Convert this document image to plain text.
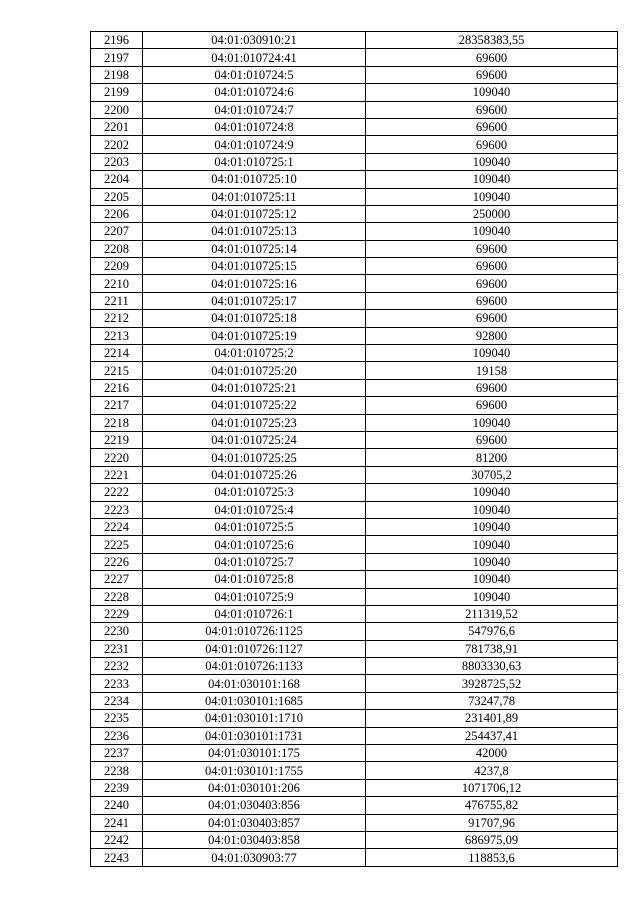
2196	04:01:030910:21	28358383,55
2197	04:01:010724:41	69600
2198	04:01:010724:5	69600
2199	04:01:010724:6	109040
2200	04:01:010724:7	69600
2201	04:01:010724:8	69600
2202	04:01:010724:9	69600
2203	04:01:010725:1	109040
2204	04:01:010725:10	109040
2205	04:01:010725:11	109040
2206	04:01:010725:12	250000
2207	04:01:010725:13	109040
2208	04:01:010725:14	69600
2209	04:01:010725:15	69600
2210	04:01:010725:16	69600
2211	04:01:010725:17	69600
2212	04:01:010725:18	69600
2213	04:01:010725:19	92800
2214	04:01:010725:2	109040
2215	04:01:010725:20	19158
2216	04:01:010725:21	69600
2217	04:01:010725:22	69600
2218	04:01:010725:23	109040
2219	04:01:010725:24	69600
2220	04:01:010725:25	81200
2221	04:01:010725:26	30705,2
2222	04:01:010725:3	109040
2223	04:01:010725:4	109040
2224	04:01:010725:5	109040
2225	04:01:010725:6	109040
2226	04:01:010725:7	109040
2227	04:01:010725:8	109040
2228	04:01:010725:9	109040
2229	04:01:010726:1	211319,52
2230	04:01:010726:1125	547976,6
2231	04:01:010726:1127	781738,91
2232	04:01:010726:1133	8803330,63
2233	04:01:030101:168	3928725,52
2234	04:01:030101:1685	73247,78
2235	04:01:030101:1710	231401,89
2236	04:01:030101:1731	254437,41
2237	04:01:030101:175	42000
2238	04:01:030101:1755	4237,8
2239	04:01:030101:206	1071706,12
2240	04:01:030403:856	476755,82
2241	04:01:030403:857	91707,96
2242	04:01:030403:858	686975,09
2243	04:01:030903:77	118853,6
